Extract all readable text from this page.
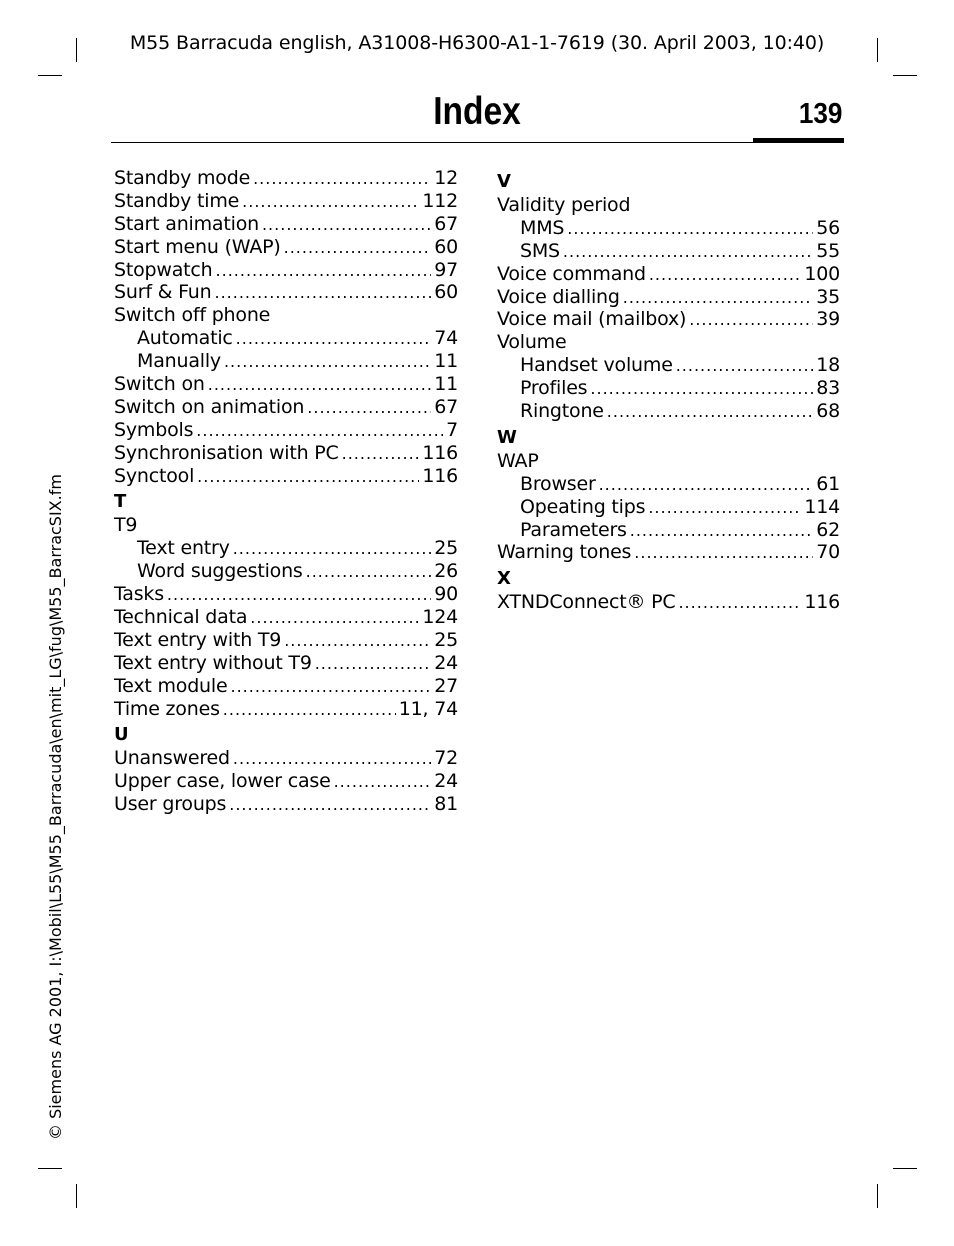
M55 Barracuda english, A31008-H6300-A1-1-7619 (30. April 2003, 10:40)
Index	139
Standby mode .....	12
Standby time .....	112
Start animation .....	67
Start menu (WAP) .....	60
Stopwatch .....	97
Surf & Fun .....	60
Switch off phone
Automatic .....	74
Manually .....	11
Switch on .....	11
Switch on animation .....	67
Symbols .....	7
Synchronisation with PC .....	116
Synctool .....	116
T
T9
Text entry .....	25
Word suggestions .....	26
Tasks .....	90
Technical data .....	124
Text entry with T9 .....	25
Text entry without T9 .....	24
Text module .....	27
Time zones .....	11, 74
U
Unanswered .....	72
Upper case, lower case .....	24
User groups .....	81
V
Validity period
MMS .....	56
SMS .....	55
Voice command .....	100
Voice dialling .....	35
Voice mail (mailbox) .....	39
Volume
Handset volume .....	18
Profiles .....	83
Ringtone .....	68
W
WAP
Browser .....	61
Opeating tips .....	114
Parameters .....	62
Warning tones .....	70
X
XTNDConnect® PC .....	116
© Siemens AG 2001, I:\Mobil\L55\M55_Barracuda\en\mit_LG\fug\M55_BarracSIX.fm
